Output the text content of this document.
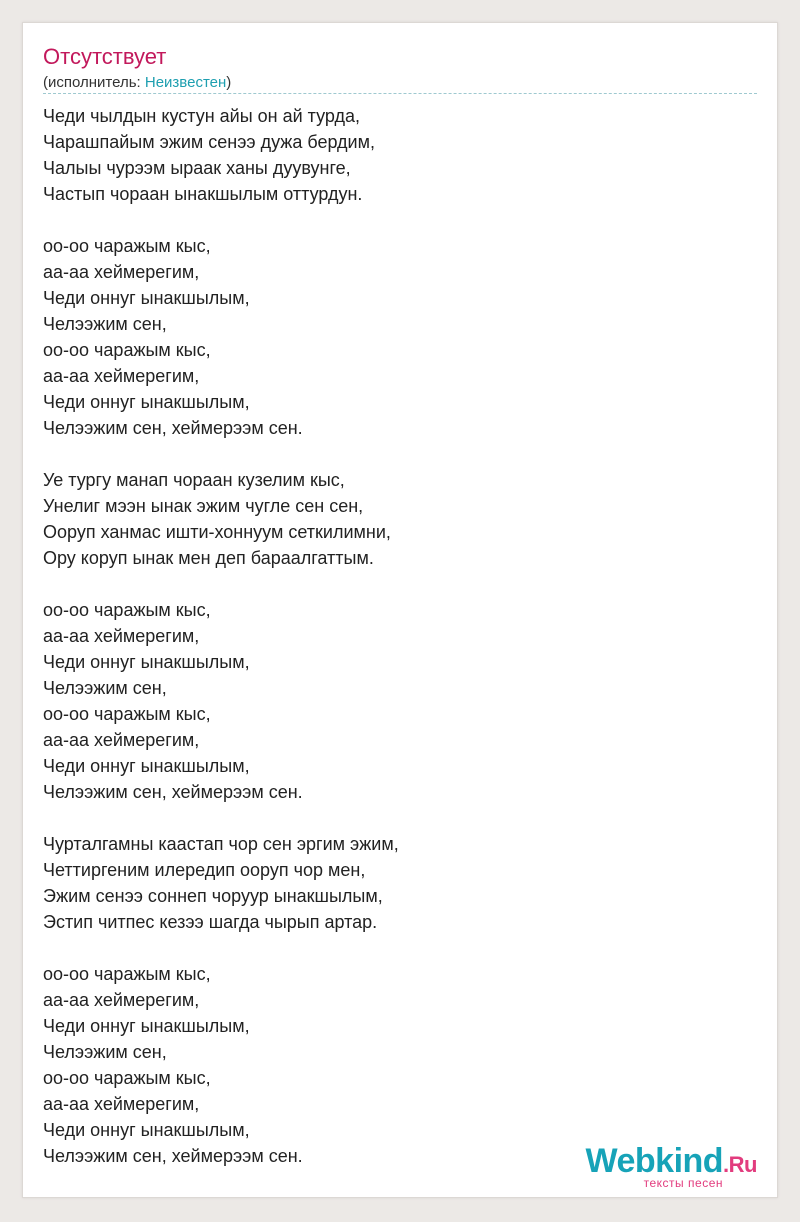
Отсутствует
(исполнитель: Неизвестен)
Чеди чылдын кустун айы он ай турда,
Чарашпайым эжим сенээ дужа бердим,
Чалыы чурээм ыраак ханы дуувунге,
Частып чораан ынакшылым оттурдун.
оо-оо чаражым кыс,
аа-аа хеймерегим,
Чеди оннуг ынакшылым,
Челээжим сен,
оо-оо чаражым кыс,
аа-аа хеймерегим,
Чеди оннуг ынакшылым,
Челээжим сен, хеймерээм сен.
Уе тургу манап чораан кузелим кыс,
Унелиг мээн ынак эжим чугле сен сен,
Ооруп ханмас ишти-хоннуум сеткилимни,
Ору коруп ынак мен деп бараалгаттым.
оо-оо чаражым кыс,
аа-аа хеймерегим,
Чеди оннуг ынакшылым,
Челээжим сен,
оо-оо чаражым кыс,
аа-аа хеймерегим,
Чеди оннуг ынакшылым,
Челээжим сен, хеймерээм сен.
Чурталгамны каастап чор сен эргим эжим,
Четтиргеним илередип ооруп чор мен,
Эжим сенээ соннеп чоруур ынакшылым,
Эстип читпес кезээ шагда чырып артар.
оо-оо чаражым кыс,
аа-аа хеймерегим,
Чеди оннуг ынакшылым,
Челээжим сен,
оо-оо чаражым кыс,
аа-аа хеймерегим,
Чеди оннуг ынакшылым,
Челээжим сен, хеймерээм сен.	Webkind.Ru
тексты песен
